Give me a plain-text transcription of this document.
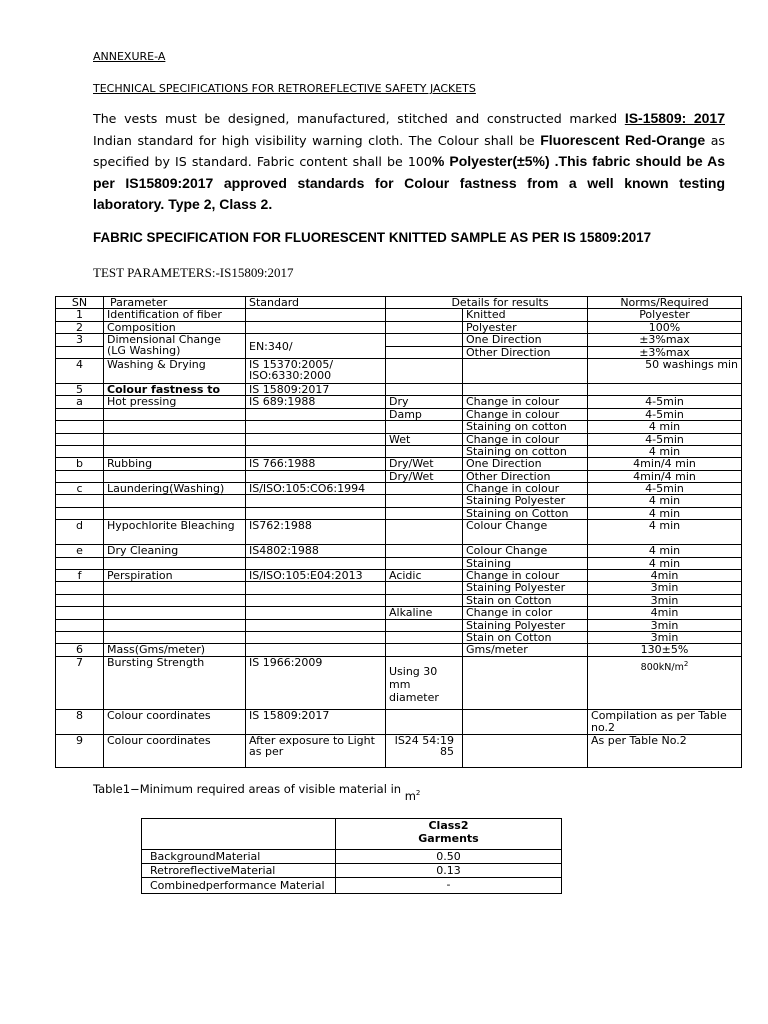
ANNEXURE-A
TECHNICAL SPECIFICATIONS FOR RETROREFLECTIVE SAFETY JACKETS
The vests must be designed, manufactured, stitched and constructed marked IS-15809: 2017 Indian standard for high visibility warning cloth. The Colour shall be Fluorescent Red-Orange as specified by IS standard. Fabric content shall be 100% Polyester(±5%) .This fabric should be As per IS15809:2017 approved standards for Colour fastness from a well known testing laboratory. Type 2, Class 2.
FABRIC SPECIFICATION FOR FLUORESCENT KNITTED SAMPLE AS PER IS 15809:2017
TEST PARAMETERS:-IS15809:2017
SN	Parameter	Standard	Details for results		Norms/Required
1	Identification of fiber			Knitted	Polyester
2	Composition			Polyester	100%
3	Dimensional Change (LG Washing)	EN:340/		One Direction	±3%max
				Other Direction	±3%max
4	Washing & Drying	IS 15370:2005/ ISO:6330:2000			50 washings min
5	Colour fastness to	IS 15809:2017			
a	Hot pressing	IS 689:1988	Dry	Change in colour	4-5min
			Damp	Change in colour	4-5min
				Staining on cotton	4 min
			Wet	Change in colour	4-5min
				Staining on cotton	4 min
b	Rubbing	IS 766:1988	Dry/Wet	One Direction	4min/4 min
			Dry/Wet	Other Direction	4min/4 min
c	Laundering(Washing)	IS/ISO:105:CO6:1994		Change in colour	4-5min
				Staining Polyester	4 min
				Staining on Cotton	4 min
d	Hypochlorite Bleaching	IS762:1988		Colour Change	4 min
e	Dry Cleaning	IS4802:1988		Colour Change	4 min
				Staining	4 min
f	Perspiration	IS/ISO:105:E04:2013	Acidic	Change in colour	4min
				Staining Polyester	3min
				Stain on Cotton	3min
			Alkaline	Change in color	4min
				Staining Polyester	3min
				Stain on Cotton	3min
6	Mass(Gms/meter)			Gms/meter	130±5%
7	Bursting Strength	IS 1966:2009	Using 30 mm diameter		$800kN/m^2$
8	Colour coordinates	IS 15809:2017			Compilation as per Table no.2
9	Colour coordinates	After exposure to Light as per	IS24 54:19 85		As per Table No.2
Table1−Minimum required areas of visible material in $m^2$

	Class2
Garments

BackgroundMaterial	0.50
RetroreflectiveMaterial	0.13
Combinedperformance Material	-
